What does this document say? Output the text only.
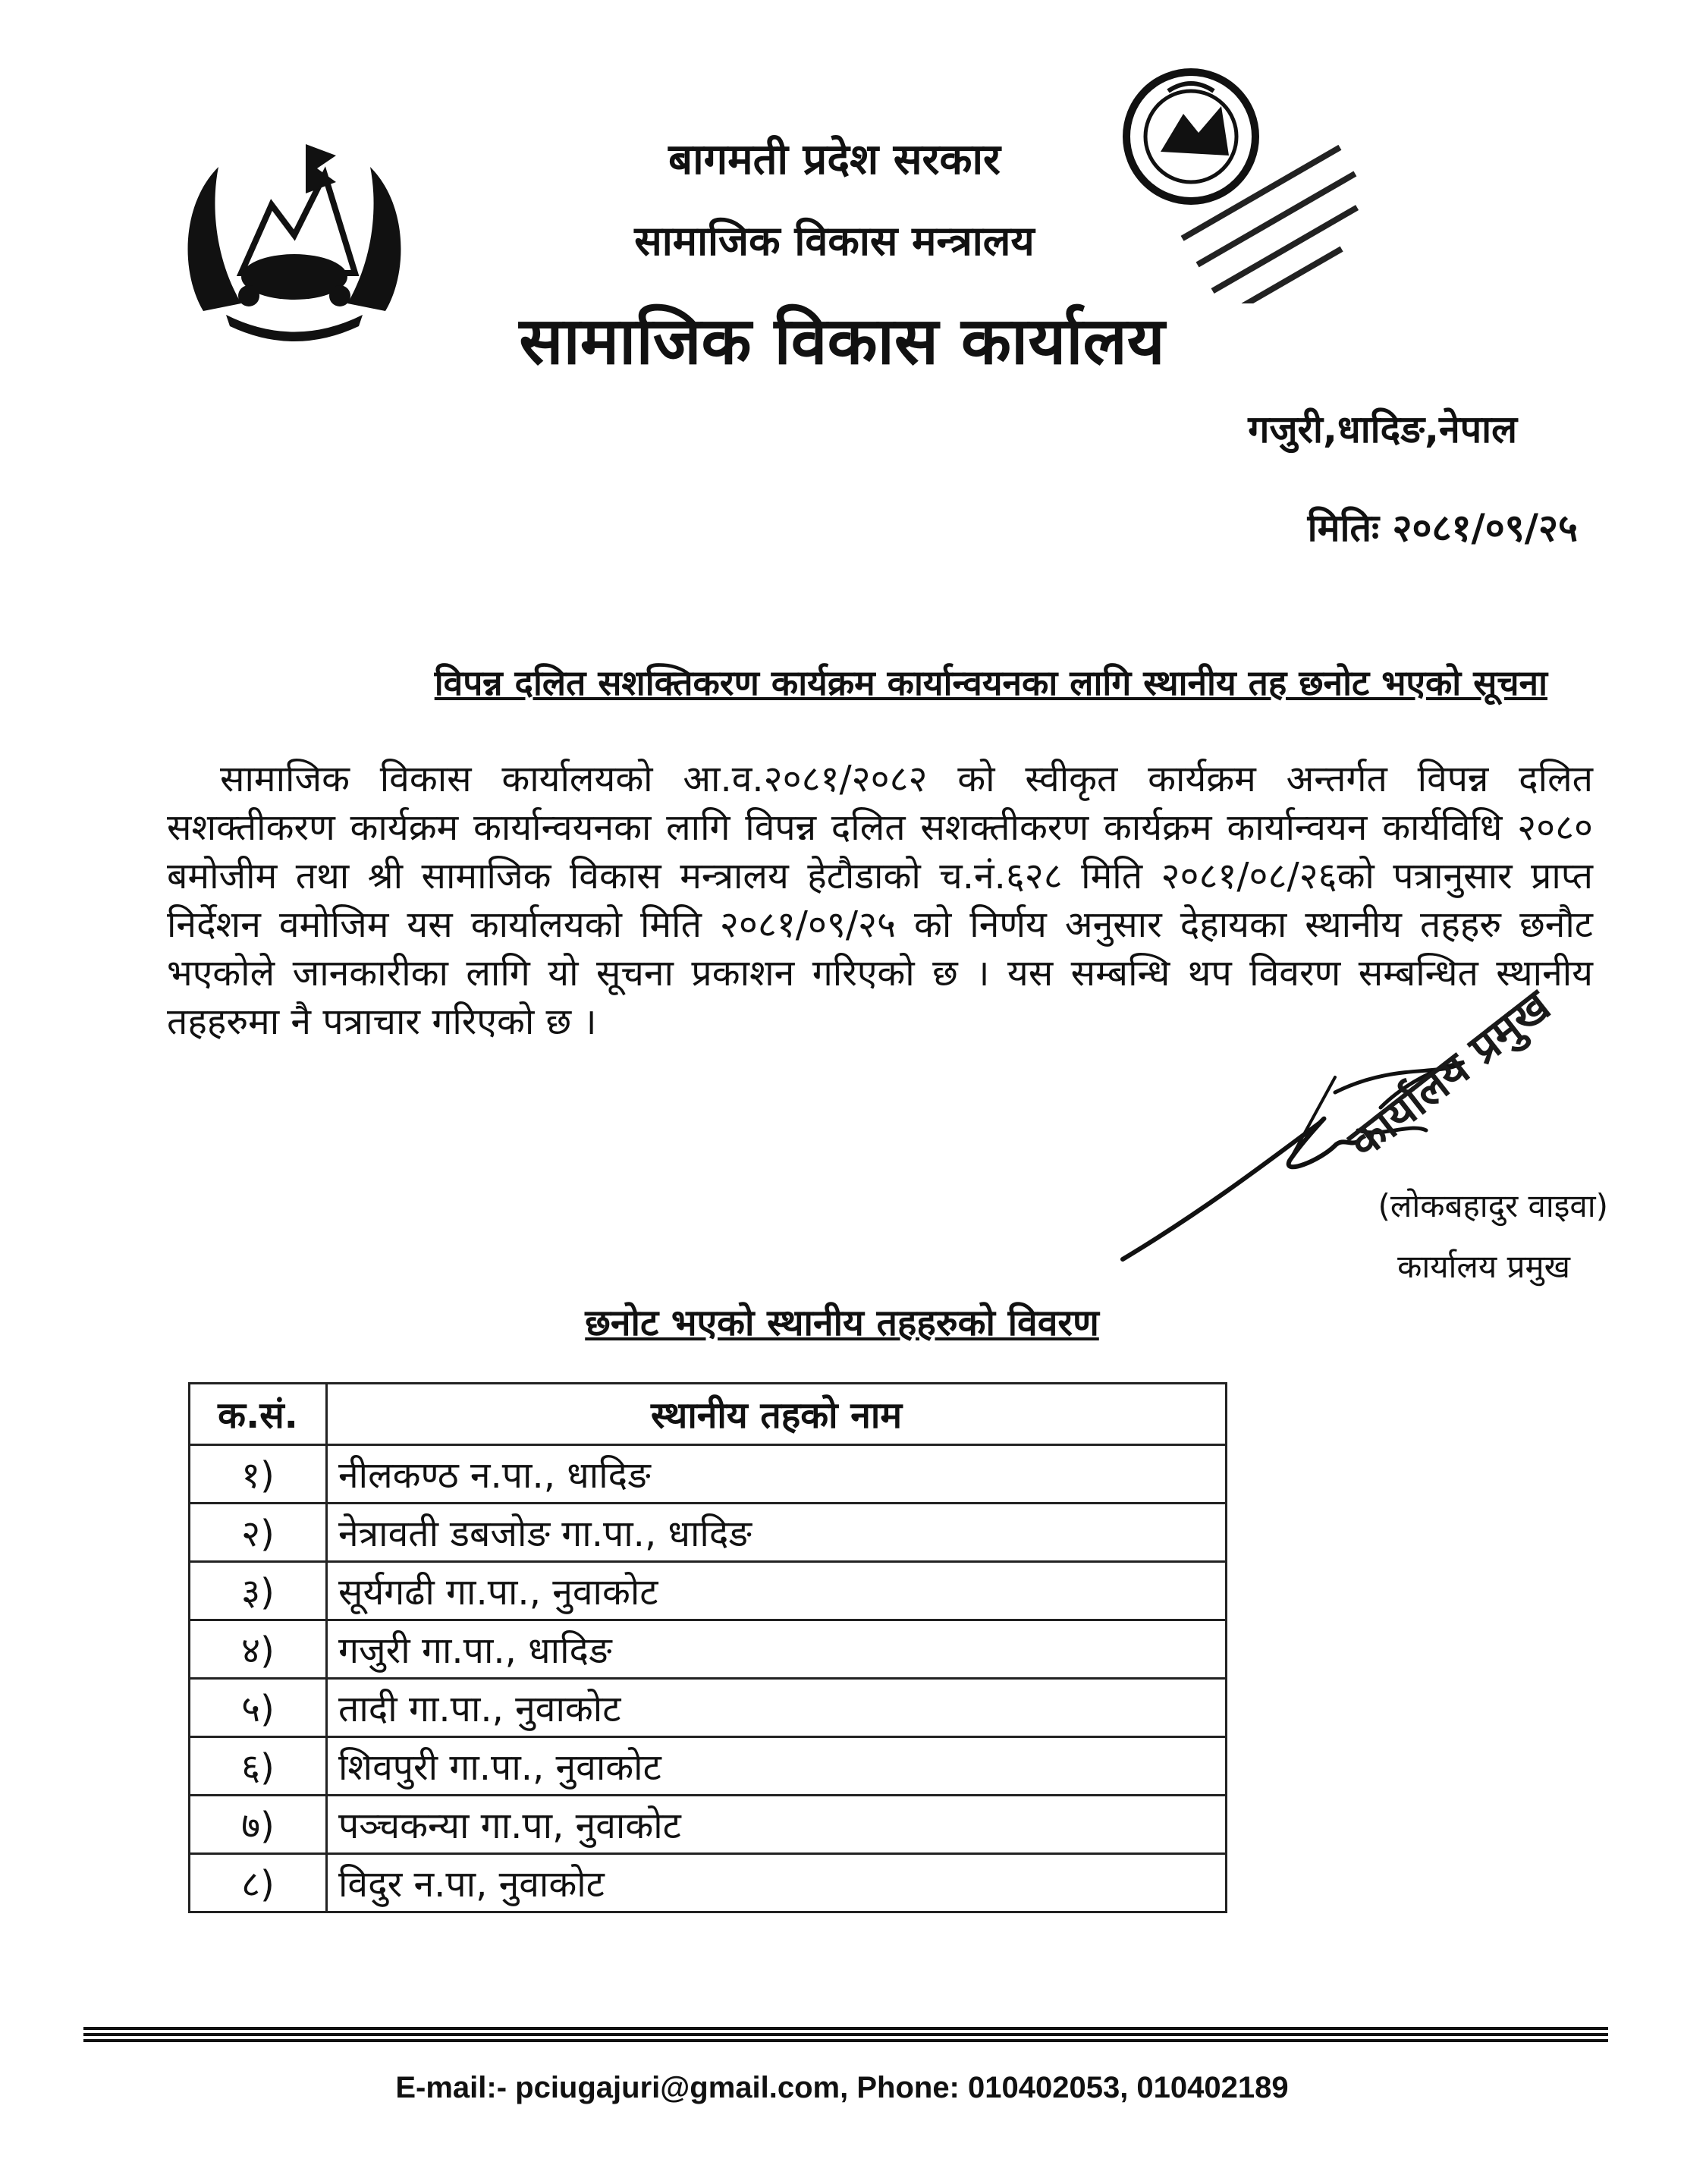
बागमती प्रदेश सरकार
सामाजिक विकास मन्त्रालय
सामाजिक विकास कार्यालय
गजुरी,धादिङ,नेपाल
मितिः २०८१/०९/२५
विपन्न दलित सशक्तिकरण कार्यक्रम कार्यान्वयनका लागि स्थानीय तह छनोट भएको सूचना
सामाजिक विकास कार्यालयको आ.व.२०८१/२०८२ को स्वीकृत कार्यक्रम अन्तर्गत विपन्न दलित सशक्तीकरण कार्यक्रम कार्यान्वयनका लागि विपन्न दलित सशक्तीकरण कार्यक्रम कार्यान्वयन कार्यविधि २०८० बमोजीम तथा श्री सामाजिक विकास मन्त्रालय हेटौडाको च.नं.६२८ मिति २०८१/०८/२६को पत्रानुसार प्राप्त निर्देशन वमोजिम यस कार्यालयको मिति २०८१/०९/२५ को निर्णय अनुसार देहायका स्थानीय तहहरु छनौट भएकोले जानकारीका लागि यो सूचना प्रकाशन गरिएको छ । यस सम्बन्धि थप विवरण सम्बन्धित स्थानीय तहहरुमा नै पत्राचार गरिएको छ ।	कार्यालय प्रमुख
(लोकबहादुर वाइवा)
कार्यालय प्रमुख
छनोट भएको स्थानीय तहहरुको विवरण
क.सं.	स्थानीय तहको नाम
१)	नीलकण्ठ न.पा., धादिङ
२)	नेत्रावती डबजोङ गा.पा., धादिङ
३)	सूर्यगढी गा.पा., नुवाकोट
४)	गजुरी गा.पा., धादिङ
५)	तादी गा.पा., नुवाकोट
६)	शिवपुरी गा.पा., नुवाकोट
७)	पञ्चकन्या गा.पा, नुवाकोट
८)	विदुर न.पा, नुवाकोट
E-mail:- pciugajuri@gmail.com, Phone: 010402053, 010402189
